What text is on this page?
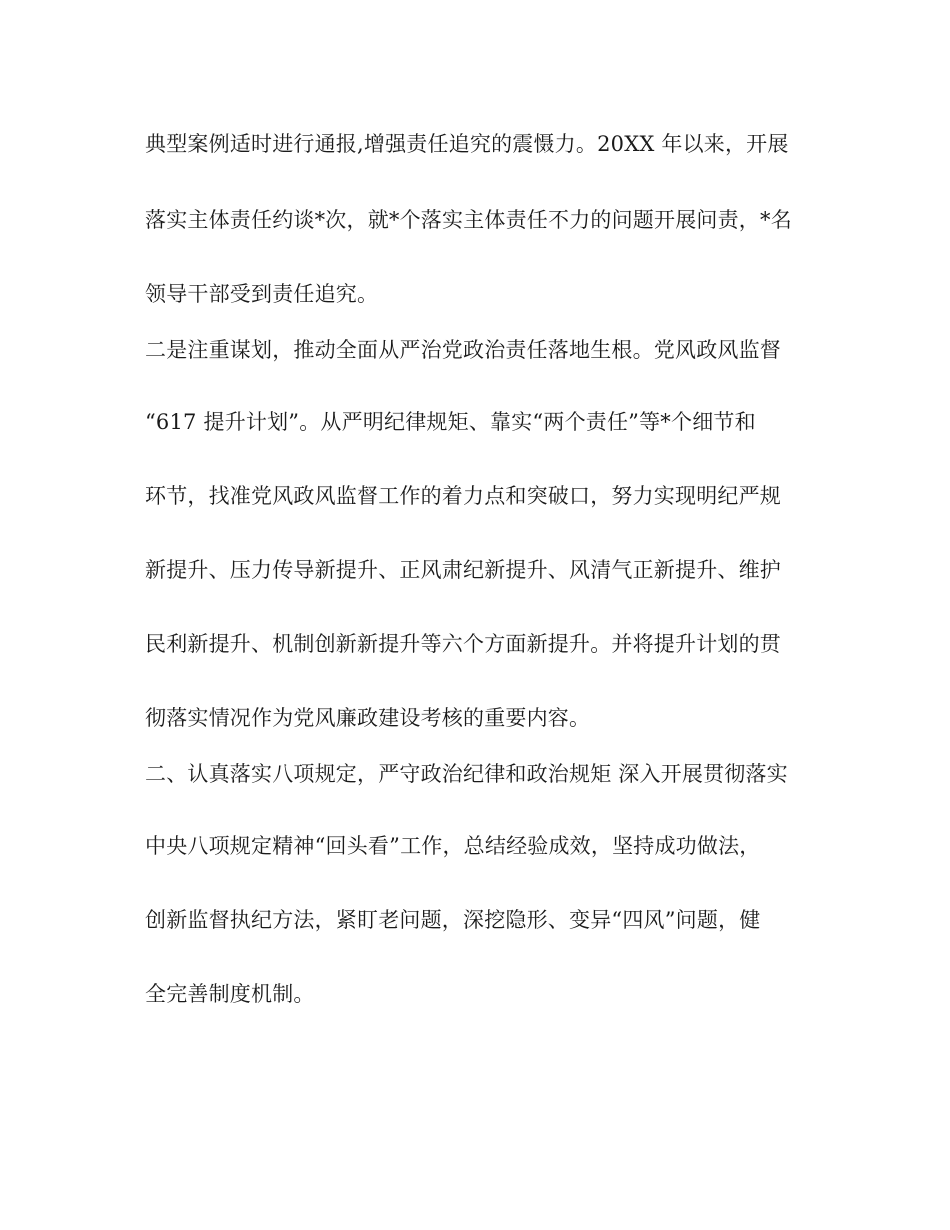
典型案例适时进行通报,增强责任追究的震慑力。20XX 年以来，开展
落实主体责任约谈*次，就*个落实主体责任不力的问题开展问责，*名
领导干部受到责任追究。
二是注重谋划，推动全面从严治党政治责任落地生根。党风政风监督
“617 提升计划”。从严明纪律规矩、靠实“两个责任”等*个细节和
环节，找准党风政风监督工作的着力点和突破口，努力实现明纪严规
新提升、压力传导新提升、正风肃纪新提升、风清气正新提升、维护
民利新提升、机制创新新提升等六个方面新提升。并将提升计划的贯
彻落实情况作为党风廉政建设考核的重要内容。
二、认真落实八项规定，严守政治纪律和政治规矩 深入开展贯彻落实
中央八项规定精神“回头看”工作，总结经验成效，坚持成功做法，
创新监督执纪方法，紧盯老问题，深挖隐形、变异“四风”问题，健
全完善制度机制。
